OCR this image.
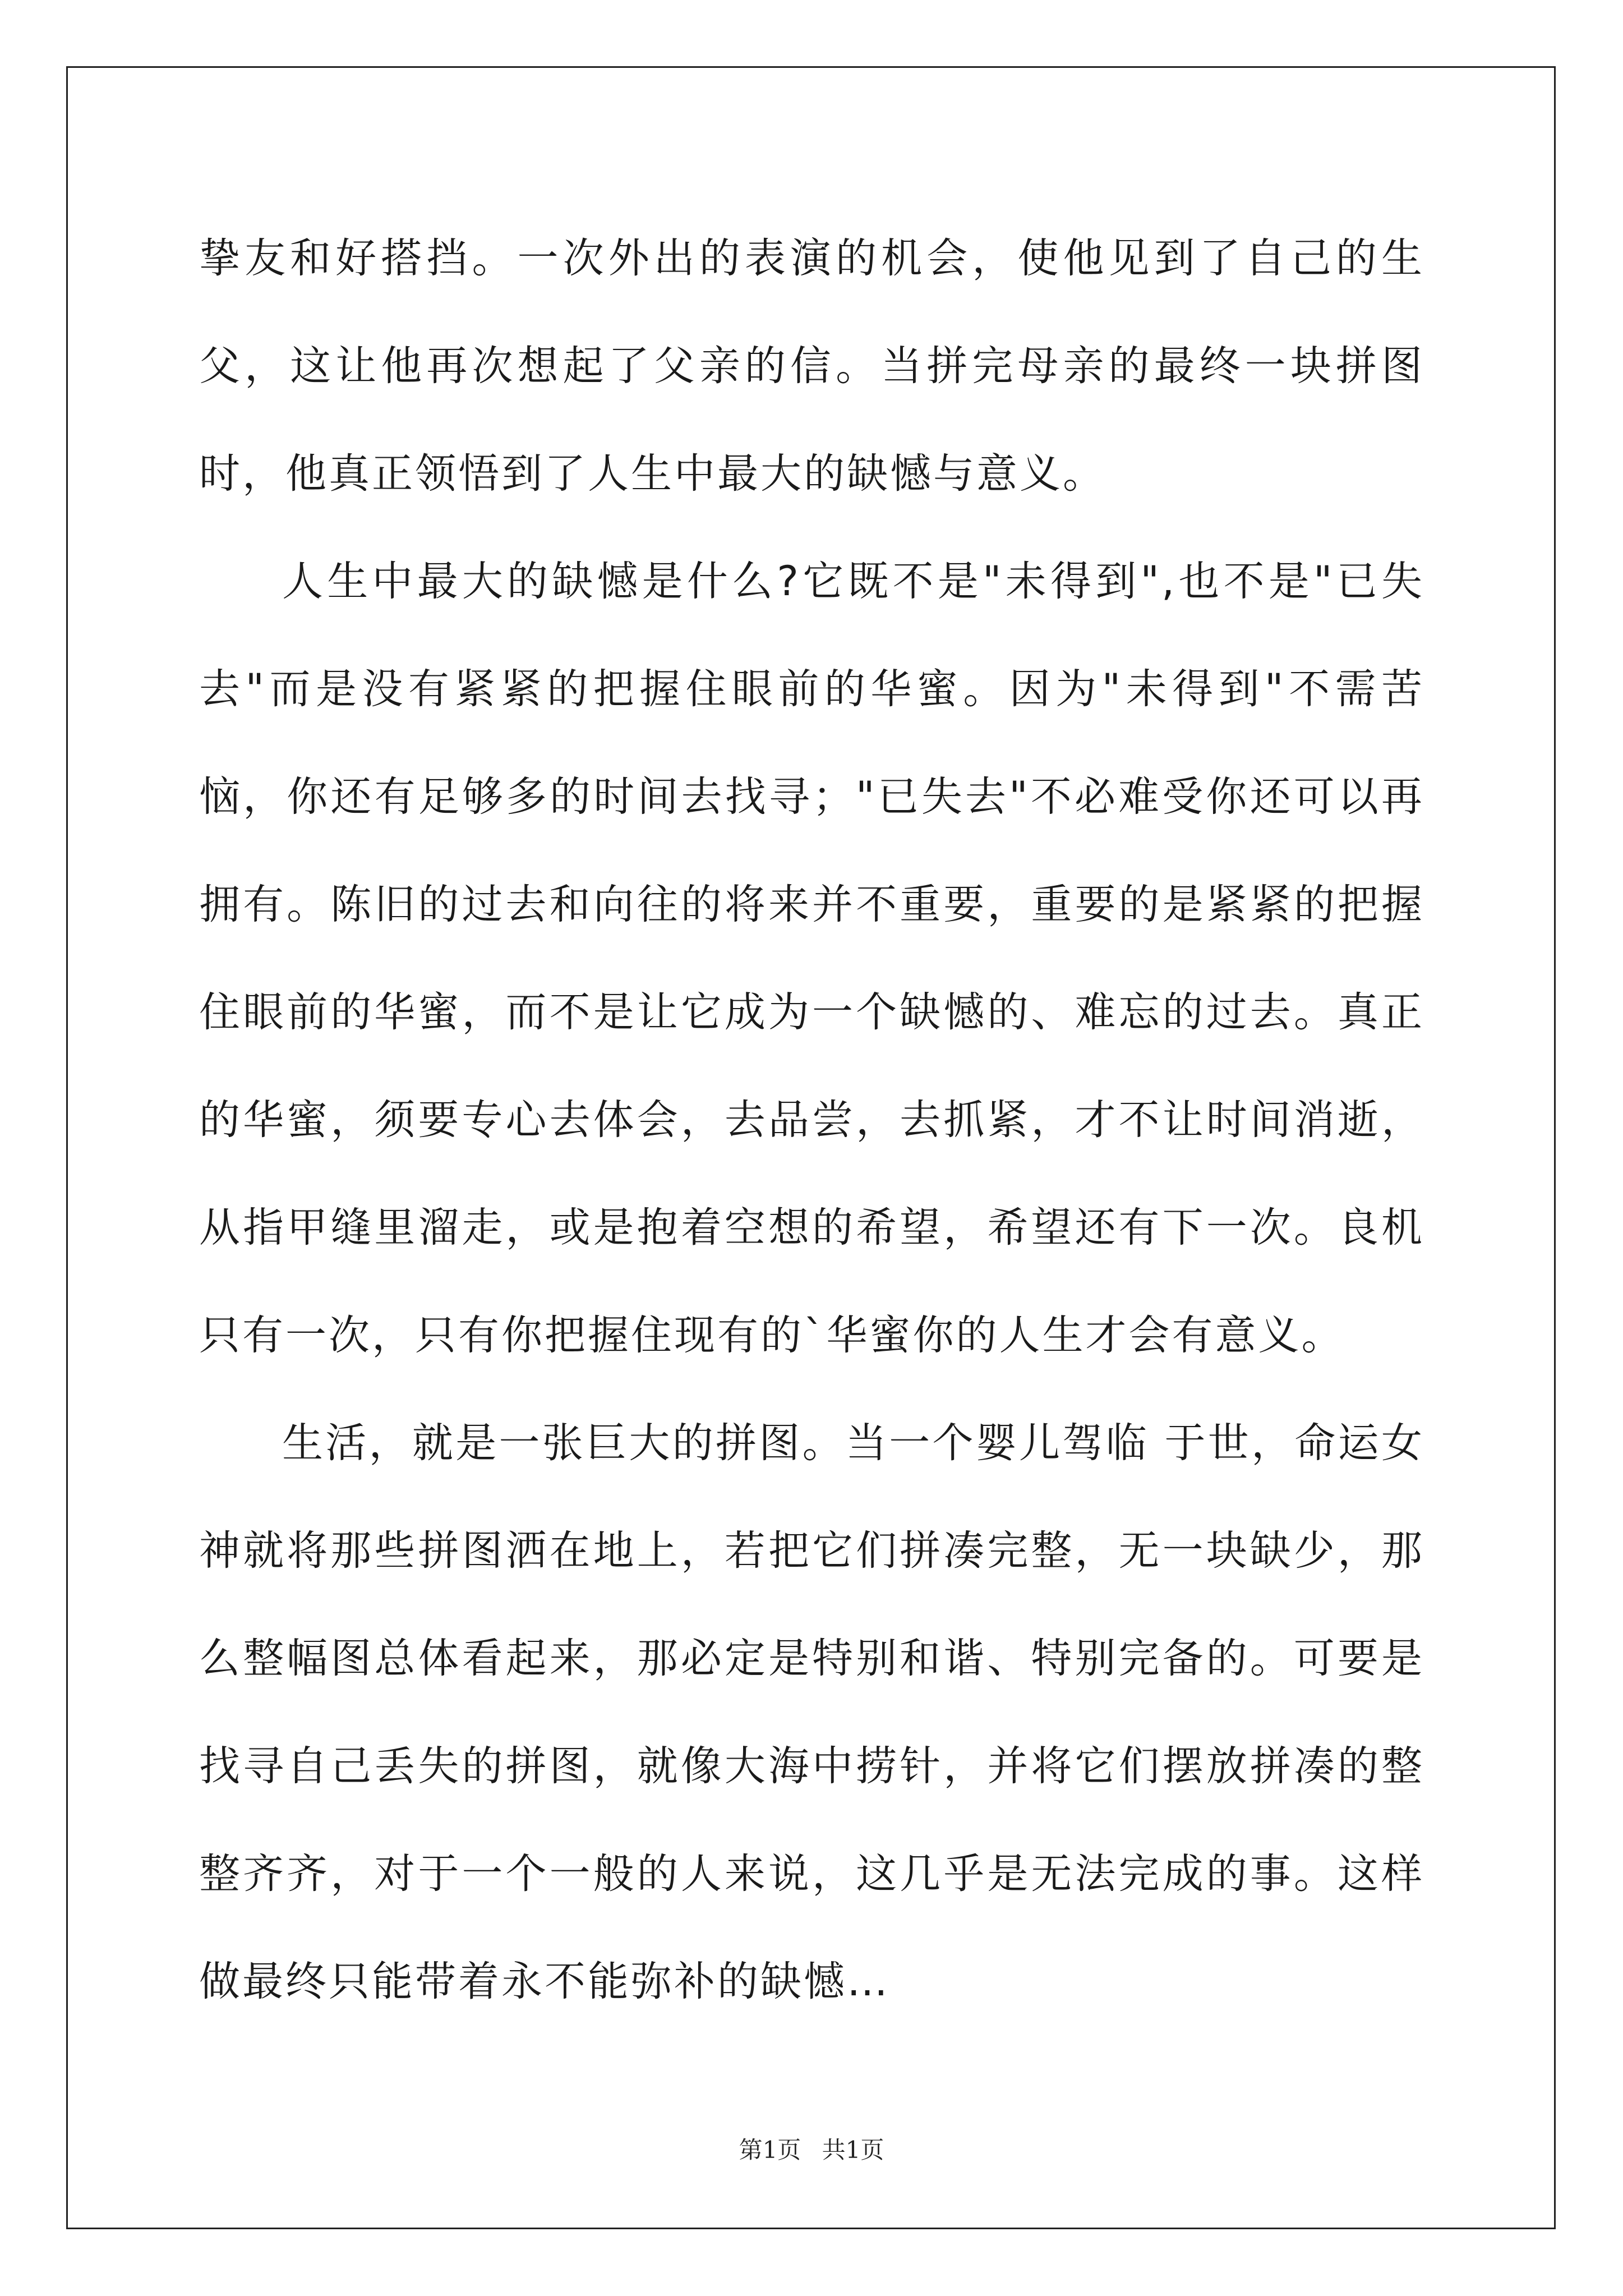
挚友和好搭挡。一次外出的表演的机会，使他见到了自己的生父，这让他再次想起了父亲的信。当拼完母亲的最终一块拼图时，他真正领悟到了人生中最大的缺憾与意义。

人生中最大的缺憾是什么?它既不是"未得到",也不是"已失去"而是没有紧紧的把握住眼前的华蜜。因为"未得到"不需苦恼，你还有足够多的时间去找寻；"已失去"不必难受你还可以再拥有。陈旧的过去和向往的将来并不重要，重要的是紧紧的把握住眼前的华蜜，而不是让它成为一个缺憾的、难忘的过去。真正的华蜜，须要专心去体会，去品尝，去抓紧，才不让时间消逝，从指甲缝里溜走，或是抱着空想的希望，希望还有下一次。良机只有一次，只有你把握住现有的`华蜜你的人生才会有意义。

生活，就是一张巨大的拼图。当一个婴儿驾临 于世，命运女神就将那些拼图洒在地上，若把它们拼凑完整，无一块缺少，那么整幅图总体看起来，那必定是特别和谐、特别完备的。可要是找寻自己丢失的拼图，就像大海中捞针，并将它们摆放拼凑的整整齐齐，对于一个一般的人来说，这几乎是无法完成的事。这样做最终只能带着永不能弥补的缺憾…

第1页 共1页
